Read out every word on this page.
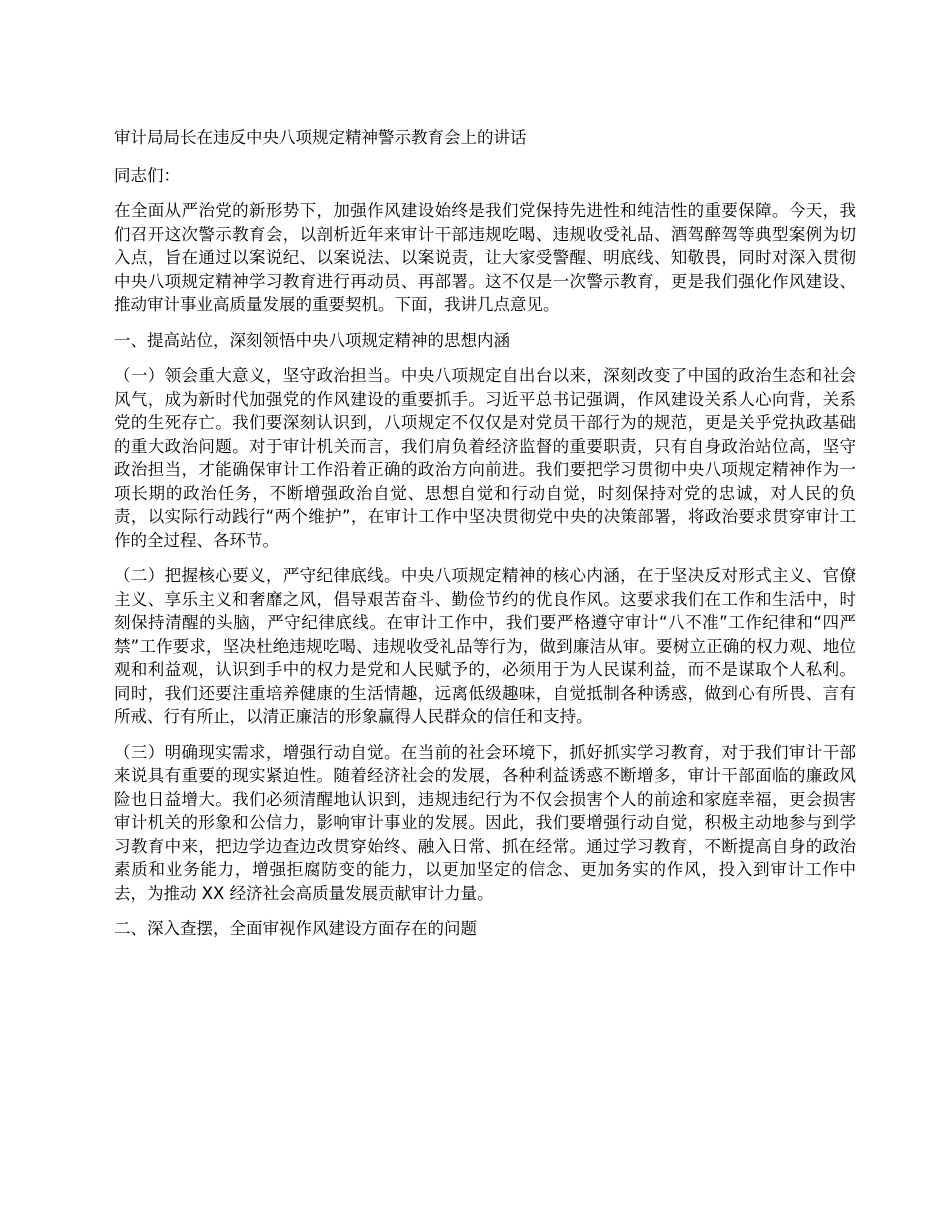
审计局局长在违反中央八项规定精神警示教育会上的讲话

同志们：

在全面从严治党的新形势下，加强作风建设始终是我们党保持先进性和纯洁性的重要保障。今天，我们召开这次警示教育会，以剖析近年来审计干部违规吃喝、违规收受礼品、酒驾醉驾等典型案例为切入点，旨在通过以案说纪、以案说法、以案说责，让大家受警醒、明底线、知敬畏，同时对深入贯彻中央八项规定精神学习教育进行再动员、再部署。这不仅是一次警示教育，更是我们强化作风建设、推动审计事业高质量发展的重要契机。下面，我讲几点意见。

一、提高站位，深刻领悟中央八项规定精神的思想内涵

（一）领会重大意义，坚守政治担当。中央八项规定自出台以来，深刻改变了中国的政治生态和社会风气，成为新时代加强党的作风建设的重要抓手。习近平总书记强调，作风建设关系人心向背，关系党的生死存亡。我们要深刻认识到，八项规定不仅仅是对党员干部行为的规范，更是关乎党执政基础的重大政治问题。对于审计机关而言，我们肩负着经济监督的重要职责，只有自身政治站位高，坚守政治担当，才能确保审计工作沿着正确的政治方向前进。我们要把学习贯彻中央八项规定精神作为一项长期的政治任务，不断增强政治自觉、思想自觉和行动自觉，时刻保持对党的忠诚，对人民的负责，以实际行动践行“两个维护”，在审计工作中坚决贯彻党中央的决策部署，将政治要求贯穿审计工作的全过程、各环节。

（二）把握核心要义，严守纪律底线。中央八项规定精神的核心内涵，在于坚决反对形式主义、官僚主义、享乐主义和奢靡之风，倡导艰苦奋斗、勤俭节约的优良作风。这要求我们在工作和生活中，时刻保持清醒的头脑，严守纪律底线。在审计工作中，我们要严格遵守审计“八不准”工作纪律和“四严禁”工作要求，坚决杜绝违规吃喝、违规收受礼品等行为，做到廉洁从审。要树立正确的权力观、地位观和利益观，认识到手中的权力是党和人民赋予的，必须用于为人民谋利益，而不是谋取个人私利。同时，我们还要注重培养健康的生活情趣，远离低级趣味，自觉抵制各种诱惑，做到心有所畏、言有所戒、行有所止，以清正廉洁的形象赢得人民群众的信任和支持。

（三）明确现实需求，增强行动自觉。在当前的社会环境下，抓好抓实学习教育，对于我们审计干部来说具有重要的现实紧迫性。随着经济社会的发展，各种利益诱惑不断增多，审计干部面临的廉政风险也日益增大。我们必须清醒地认识到，违规违纪行为不仅会损害个人的前途和家庭幸福，更会损害审计机关的形象和公信力，影响审计事业的发展。因此，我们要增强行动自觉，积极主动地参与到学习教育中来，把边学边查边改贯穿始终、融入日常、抓在经常。通过学习教育，不断提高自身的政治素质和业务能力，增强拒腐防变的能力，以更加坚定的信念、更加务实的作风，投入到审计工作中去，为推动 XX 经济社会高质量发展贡献审计力量。

二、深入查摆，全面审视作风建设方面存在的问题
